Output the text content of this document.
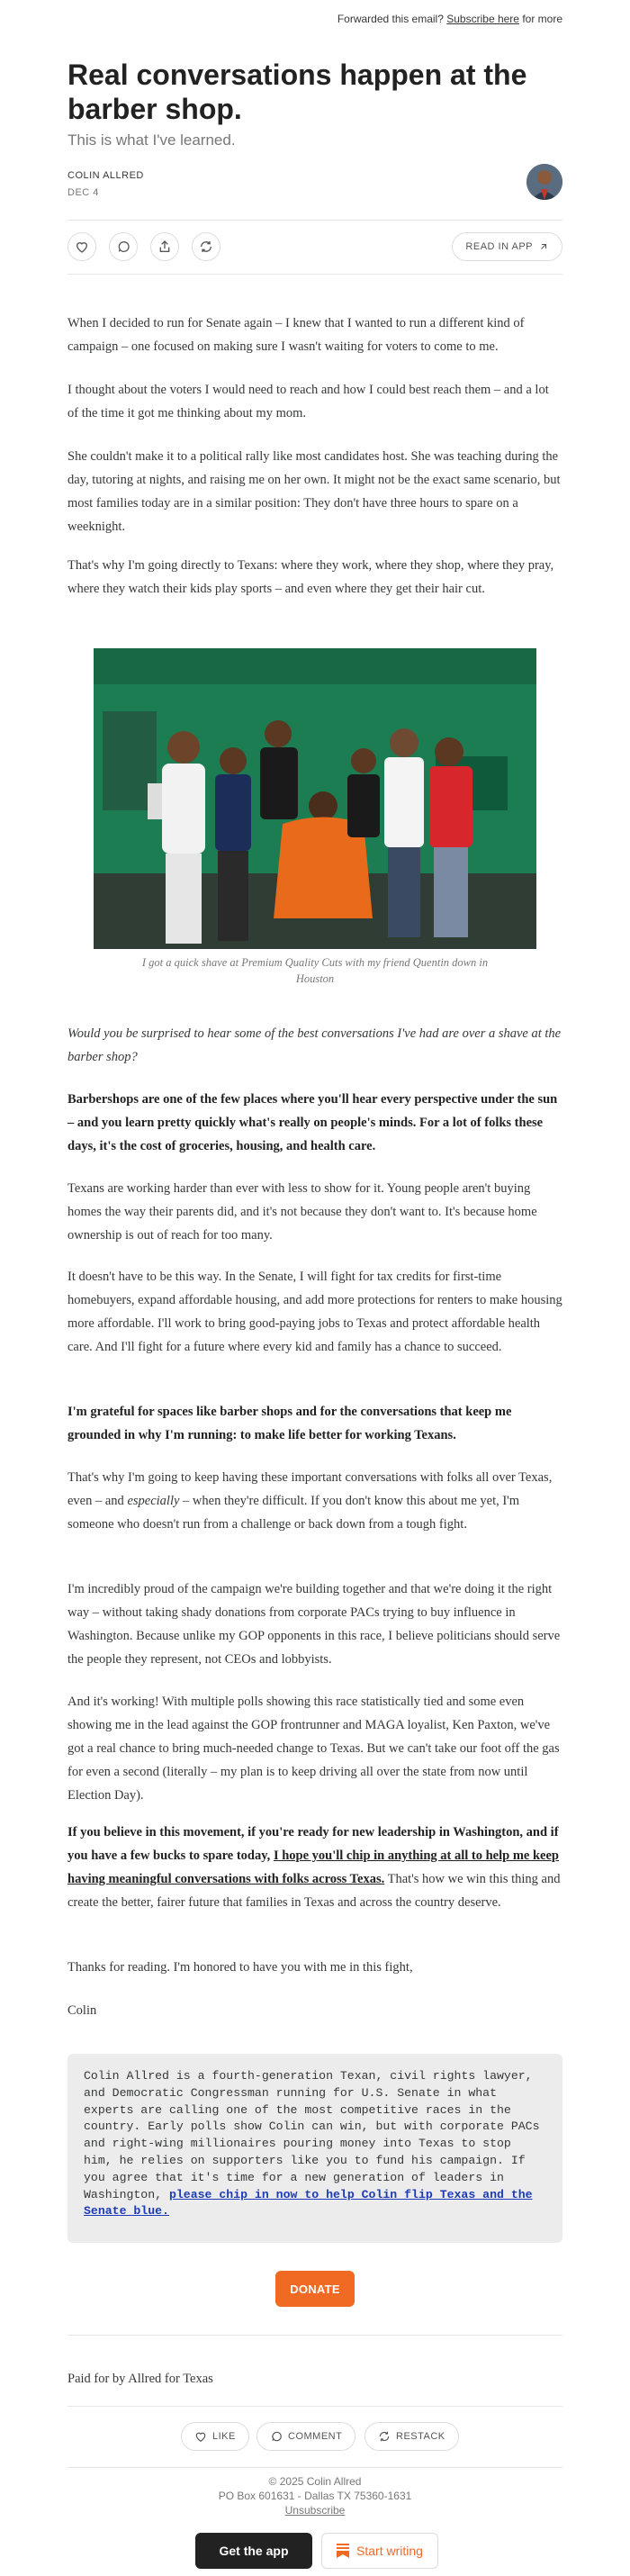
Forwarded this email? Subscribe here for more
Real conversations happen at the barber shop.
This is what I've learned.
COLIN ALLRED
DEC 4
READ IN APP

When I decided to run for Senate again – I knew that I wanted to run a different kind of campaign – one focused on making sure I wasn't waiting for voters to come to me.

I thought about the voters I would need to reach and how I could best reach them – and a lot of the time it got me thinking about my mom.

She couldn't make it to a political rally like most candidates host. She was teaching during the day, tutoring at nights, and raising me on her own. It might not be the exact same scenario, but most families today are in a similar position: They don't have three hours to spare on a weeknight.

That's why I'm going directly to Texans: where they work, where they shop, where they pray, where they watch their kids play sports – and even where they get their hair cut.

I got a quick shave at Premium Quality Cuts with my friend Quentin down in Houston

Would you be surprised to hear some of the best conversations I've had are over a shave at the barber shop?

Barbershops are one of the few places where you'll hear every perspective under the sun – and you learn pretty quickly what's really on people's minds. For a lot of folks these days, it's the cost of groceries, housing, and health care.

Texans are working harder than ever with less to show for it. Young people aren't buying homes the way their parents did, and it's not because they don't want to. It's because home ownership is out of reach for too many.

It doesn't have to be this way. In the Senate, I will fight for tax credits for first-time homebuyers, expand affordable housing, and add more protections for renters to make housing more affordable. I'll work to bring good-paying jobs to Texas and protect affordable health care. And I'll fight for a future where every kid and family has a chance to succeed.

I'm grateful for spaces like barber shops and for the conversations that keep me grounded in why I'm running: to make life better for working Texans.

That's why I'm going to keep having these important conversations with folks all over Texas, even – and especially – when they're difficult. If you don't know this about me yet, I'm someone who doesn't run from a challenge or back down from a tough fight.

I'm incredibly proud of the campaign we're building together and that we're doing it the right way – without taking shady donations from corporate PACs trying to buy influence in Washington. Because unlike my GOP opponents in this race, I believe politicians should serve the people they represent, not CEOs and lobbyists.

And it's working! With multiple polls showing this race statistically tied and some even showing me in the lead against the GOP frontrunner and MAGA loyalist, Ken Paxton, we've got a real chance to bring much-needed change to Texas. But we can't take our foot off the gas for even a second (literally – my plan is to keep driving all over the state from now until Election Day).

If you believe in this movement, if you're ready for new leadership in Washington, and if you have a few bucks to spare today, I hope you'll chip in anything at all to help me keep having meaningful conversations with folks across Texas. That's how we win this thing and create the better, fairer future that families in Texas and across the country deserve.

Thanks for reading. I'm honored to have you with me in this fight,

Colin

Colin Allred is a fourth-generation Texan, civil rights lawyer, and Democratic Congressman running for U.S. Senate in what experts are calling one of the most competitive races in the country. Early polls show Colin can win, but with corporate PACs and right-wing millionaires pouring money into Texas to stop him, he relies on supporters like you to fund his campaign. If you agree that it's time for a new generation of leaders in Washington, please chip in now to help Colin flip Texas and the Senate blue.
DONATE

Paid for by Allred for Texas

LIKE	COMMENT	RESTACK
© 2025 Colin Allred
PO Box 601631 - Dallas TX 75360-1631
Unsubscribe
Get the app	Start writing
